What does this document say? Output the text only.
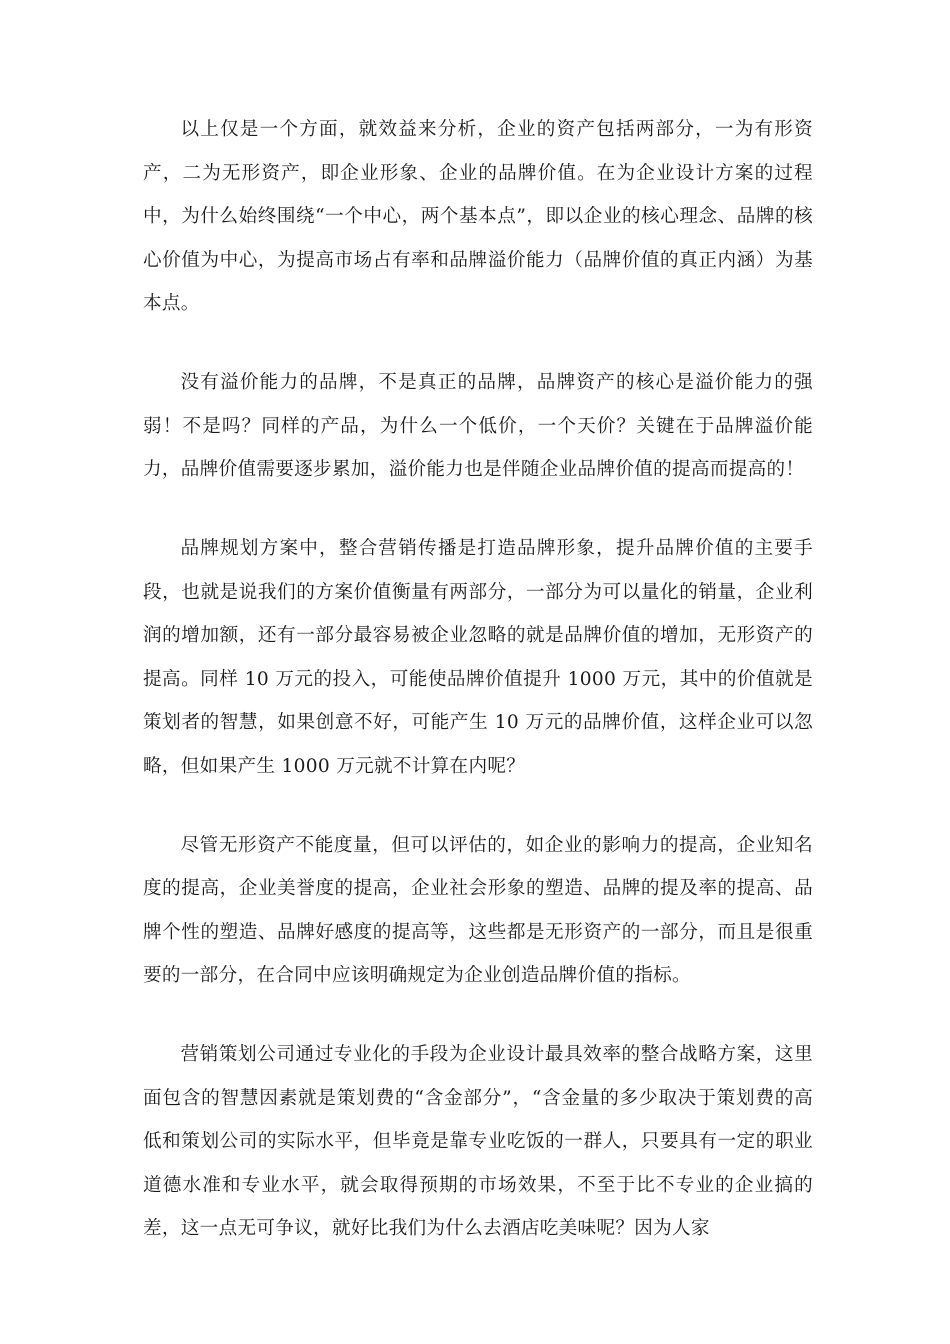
以上仅是一个方面，就效益来分析，企业的资产包括两部分，一为有形资产，二为无形资产，即企业形象、企业的品牌价值。在为企业设计方案的过程中，为什么始终围绕“一个中心，两个基本点”，即以企业的核心理念、品牌的核心价值为中心，为提高市场占有率和品牌溢价能力（品牌价值的真正内涵）为基本点。

没有溢价能力的品牌，不是真正的品牌，品牌资产的核心是溢价能力的强弱！不是吗？同样的产品，为什么一个低价，一个天价？关键在于品牌溢价能力，品牌价值需要逐步累加，溢价能力也是伴随企业品牌价值的提高而提高的！

品牌规划方案中，整合营销传播是打造品牌形象，提升品牌价值的主要手段，也就是说我们的方案价值衡量有两部分，一部分为可以量化的销量，企业利润的增加额，还有一部分最容易被企业忽略的就是品牌价值的增加，无形资产的提高。同样 10 万元的投入，可能使品牌价值提升 1000 万元，其中的价值就是策划者的智慧，如果创意不好，可能产生 10 万元的品牌价值，这样企业可以忽略，但如果产生 1000 万元就不计算在内呢？

尽管无形资产不能度量，但可以评估的，如企业的影响力的提高，企业知名度的提高，企业美誉度的提高，企业社会形象的塑造、品牌的提及率的提高、品牌个性的塑造、品牌好感度的提高等，这些都是无形资产的一部分，而且是很重要的一部分，在合同中应该明确规定为企业创造品牌价值的指标。

营销策划公司通过专业化的手段为企业设计最具效率的整合战略方案，这里面包含的智慧因素就是策划费的“含金部分”，“含金量的多少取决于策划费的高低和策划公司的实际水平，但毕竟是靠专业吃饭的一群人，只要具有一定的职业道德水准和专业水平，就会取得预期的市场效果，不至于比不专业的企业搞的差，这一点无可争议，就好比我们为什么去酒店吃美味呢？因为人家
